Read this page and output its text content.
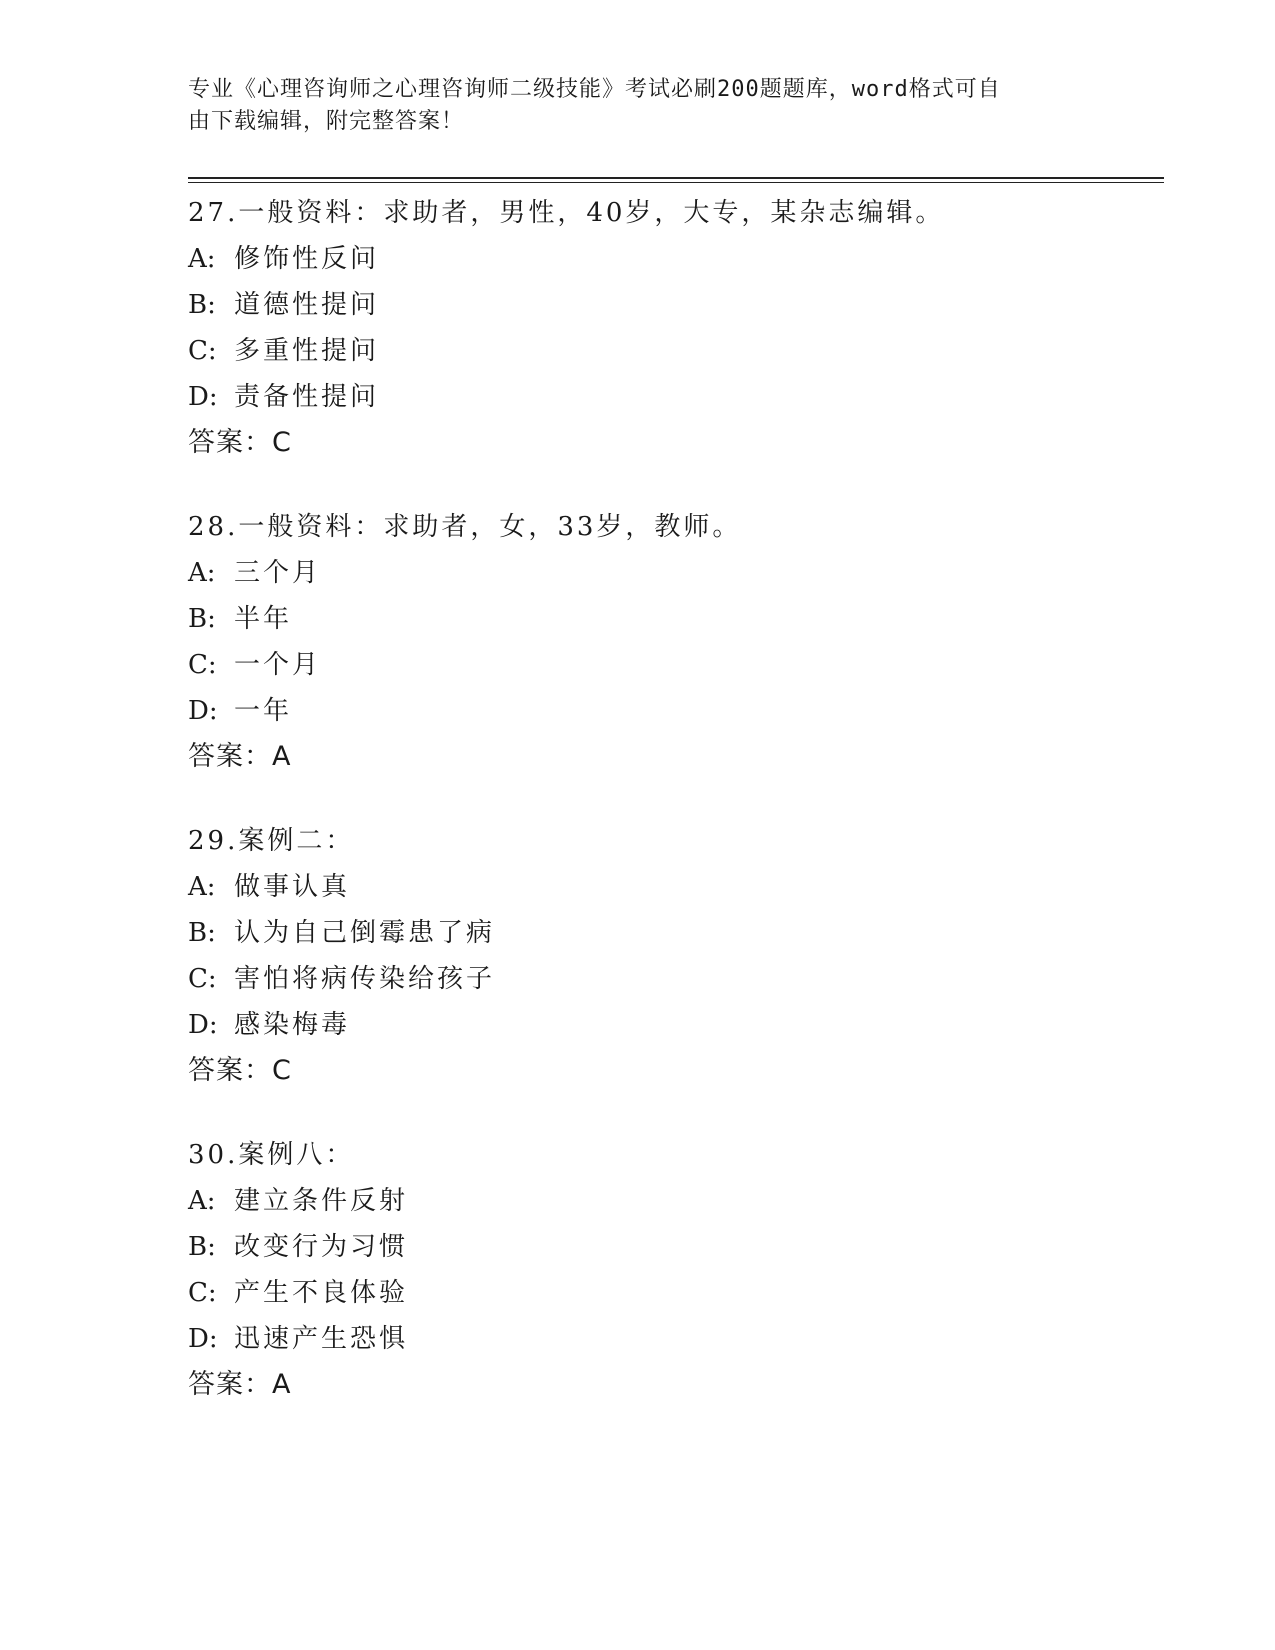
专业《心理咨询师之心理咨询师二级技能》考试必刷200题题库，word格式可自
由下载编辑，附完整答案！
27.一般资料：求助者，男性，40岁，大专，某杂志编辑。
A: 修饰性反问
B: 道德性提问
C: 多重性提问
D: 责备性提问
答案：C
28.一般资料：求助者，女，33岁，教师。
A: 三个月
B: 半年
C: 一个月
D: 一年
答案：A
29.案例二：
A: 做事认真
B: 认为自己倒霉患了病
C: 害怕将病传染给孩子
D: 感染梅毒
答案：C
30.案例八：
A: 建立条件反射
B: 改变行为习惯
C: 产生不良体验
D: 迅速产生恐惧
答案：A
